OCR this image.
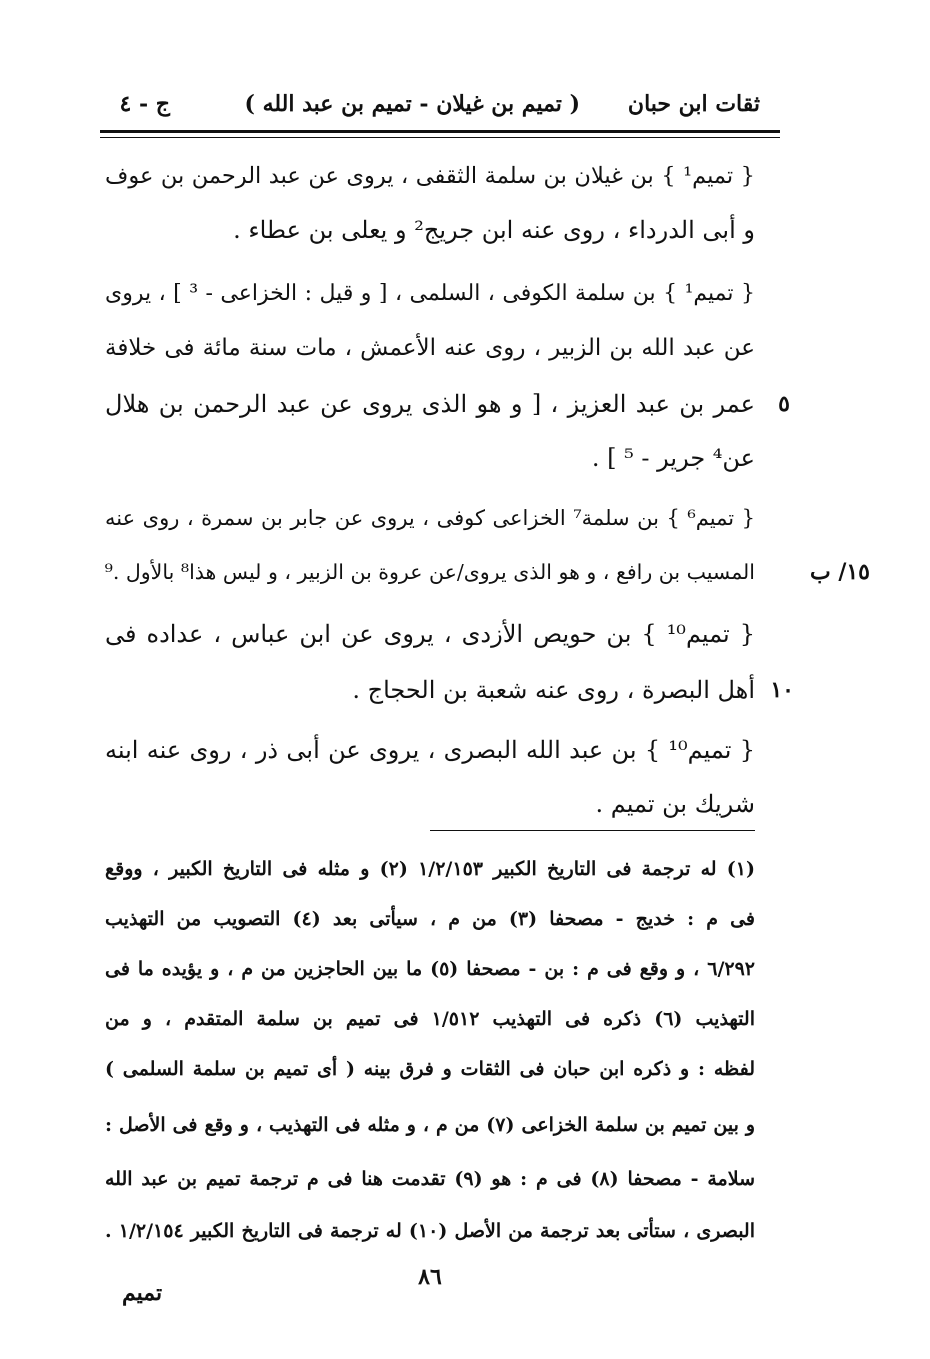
ثقات ابن حبان
( تميم بن غيلان - تميم بن عبد الله )
ج - ٤
{ تميم¹ } بن غيلان بن سلمة الثقفى ، يروى عن عبد الرحمن بن عوف
و أبى الدرداء ، روى عنه ابن جريج² و يعلى بن عطاء .
{ تميم¹ } بن سلمة الكوفى ، السلمى ، [ و قيل : الخزاعى - ³ ] ، يروى
عن عبد الله بن الزبير ، روى عنه الأعمش ، مات سنة مائة فى خلافة
عمر بن عبد العزيز ، [ و هو الذى يروى عن عبد الرحمن بن هلال
عن⁴ جرير - ⁵ ] .
{ تميم⁶ } بن سلمة⁷ الخزاعى كوفى ، يروى عن جابر بن سمرة ، روى عنه
المسيب بن رافع ، و هو الذى يروى/عن عروة بن الزبير ، و ليس هذا⁸ بالأول .⁹
{ تميم¹⁰ } بن حويص الأزدى ، يروى عن ابن عباس ، عداده فى
أهل البصرة ، روى عنه شعبة بن الحجاج .
{ تميم¹⁰ } بن عبد الله البصرى ، يروى عن أبى ذر ، روى عنه ابنه
شريك بن تميم .
٥
١٠
١٥/ ب
(١) له ترجمة فى التاريخ الكبير ١/٢/١٥٣ (٢) و مثله فى التاريخ الكبير ، ووقع
فى م : خديج - مصحفا (٣) من م ، سيأتى بعد (٤) التصويب من التهذيب
٦/٢٩٢ ، و وقع فى م : بن - مصحفا (٥) ما بين الحاجزين من م ، و يؤيده ما فى
التهذيب (٦) ذكره فى التهذيب ١/٥١٢ فى تميم بن سلمة المتقدم ، و من
لفظه : و ذكره ابن حبان فى الثقات و فرق بينه ( أى تميم بن سلمة السلمى )
و بين تميم بن سلمة الخزاعى (٧) من م ، و مثله فى التهذيب ، و وقع فى الأصل :
سلامة - مصحفا (٨) فى م : هو (٩) تقدمت هنا فى م ترجمة تميم بن عبد الله
البصرى ، ستأتى بعد ترجمة من الأصل (١٠) له ترجمة فى التاريخ الكبير ١/٢/١٥٤ .
٨٦
تميم
